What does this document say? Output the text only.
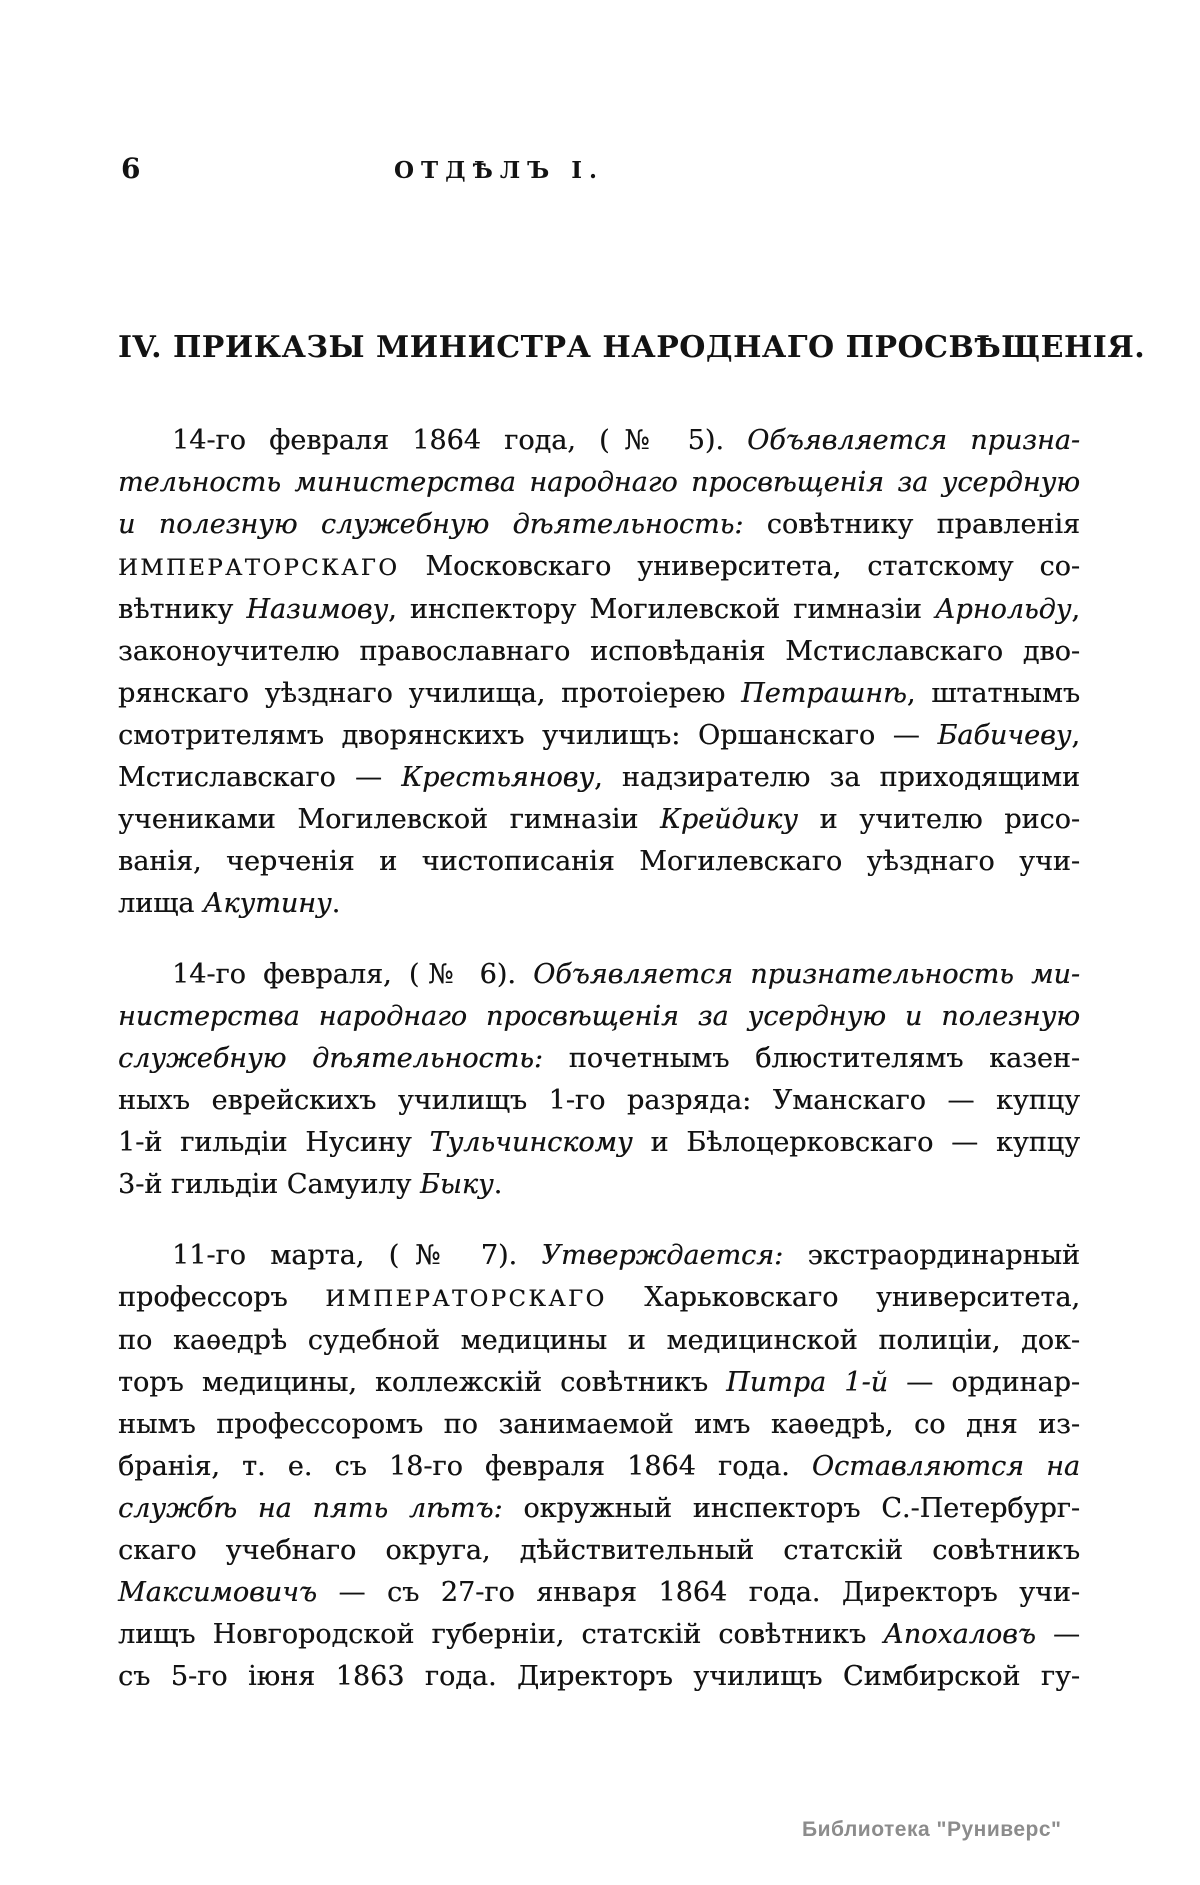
6	ОТДѢЛЪ I.
IV. ПРИКАЗЫ МИНИСТРА НАРОДНАГО ПРОСВѢЩЕНІЯ.
14-го февраля 1864 года, (№ 5). Объявляется призна-
тельность министерства народнаго просвѣщенія за усердную
и полезную служебную дѣятельность: совѣтнику правленія
ИМПЕРАТОРСКАГО Московскаго университета, статскому со-
вѣтнику Назимову, инспектору Могилевской гимназіи Арнольду,
законоучителю православнаго исповѣданія Мстиславскаго дво-
рянскаго уѣзднаго училища, протоіерею Петрашнѣ, штатнымъ
смотрителямъ дворянскихъ училищъ: Оршанскаго — Бабичеву,
Мстиславскаго — Крестьянову, надзирателю за приходящими
учениками Могилевской гимназіи Крейдику и учителю рисо-
ванія, черченія и чистописанія Могилевскаго уѣзднаго учи-
лища Акутину.
14-го февраля, (№ 6). Объявляется признательность ми-
нистерства народнаго просвѣщенія за усердную и полезную
служебную дѣятельность: почетнымъ блюстителямъ казен-
ныхъ еврейскихъ училищъ 1-го разряда: Уманскаго — купцу
1-й гильдіи Нусину Тульчинскому и Бѣлоцерковскаго — купцу
3-й гильдіи Самуилу Быку.
11-го марта, (№ 7). Утверждается: экстраординарный
профессоръ ИМПЕРАТОРСКАГО Харьковскаго университета,
по каѳедрѣ судебной медицины и медицинской полиціи, док-
торъ медицины, коллежскій совѣтникъ Питра 1-й — ординар-
нымъ профессоромъ по занимаемой имъ каѳедрѣ, со дня из-
бранія, т. е. съ 18-го февраля 1864 года. Оставляются на
службѣ на пять лѣтъ: окружный инспекторъ С.-Петербург-
скаго учебнаго округа, дѣйствительный статскій совѣтникъ
Максимовичъ — съ 27-го января 1864 года. Директоръ учи-
лищъ Новгородской губерніи, статскій совѣтникъ Апохаловъ —
съ 5-го іюня 1863 года. Директоръ училищъ Симбирской гу-
Библиотека "Руниверс"
